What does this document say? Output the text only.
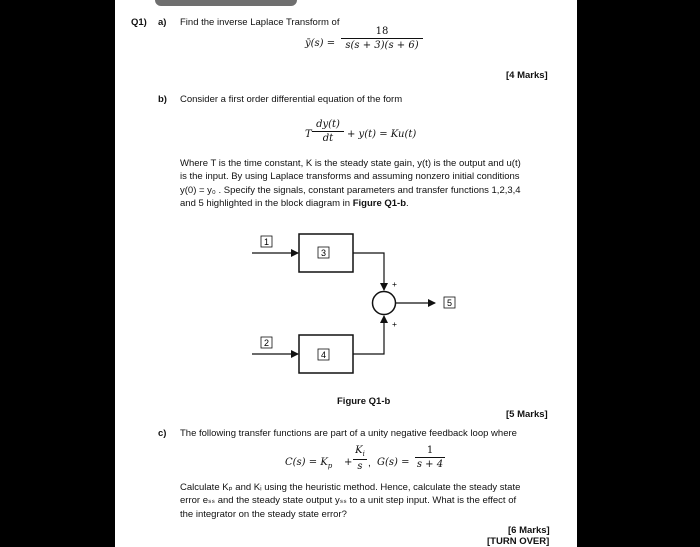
Q1) a) Find the inverse Laplace Transform of
ȳ(s) =
18
s(s + 3)(s + 6)
[4 Marks]
b) Consider a first order differential equation of the form
T
dy(t)
dt	+ y(t) = Ku(t)
Where T is the time constant, K is the steady state gain, y(t) is the output and u(t)
is the input. By using Laplace transforms and assuming nonzero initial conditions
y(0) = y₀ . Specify the signals, constant parameters and transfer functions 1,2,3,4
and 5 highlighted in the block diagram in Figure Q1-b.
1
2
3
4
+
+
5
Figure Q1-b
[5 Marks]
c) The following transfer functions are part of a unity negative feedback loop where
$C(s) = K_p$ +
$K_i$
s , G(s) =
1
s + 4
Calculate Kₚ and Kᵢ using the heuristic method. Hence, calculate the steady state
error eₛₛ and the steady state output yₛₛ to a unit step input. What is the effect of
the integrator on the steady state error?
[6 Marks]
[TURN OVER]
